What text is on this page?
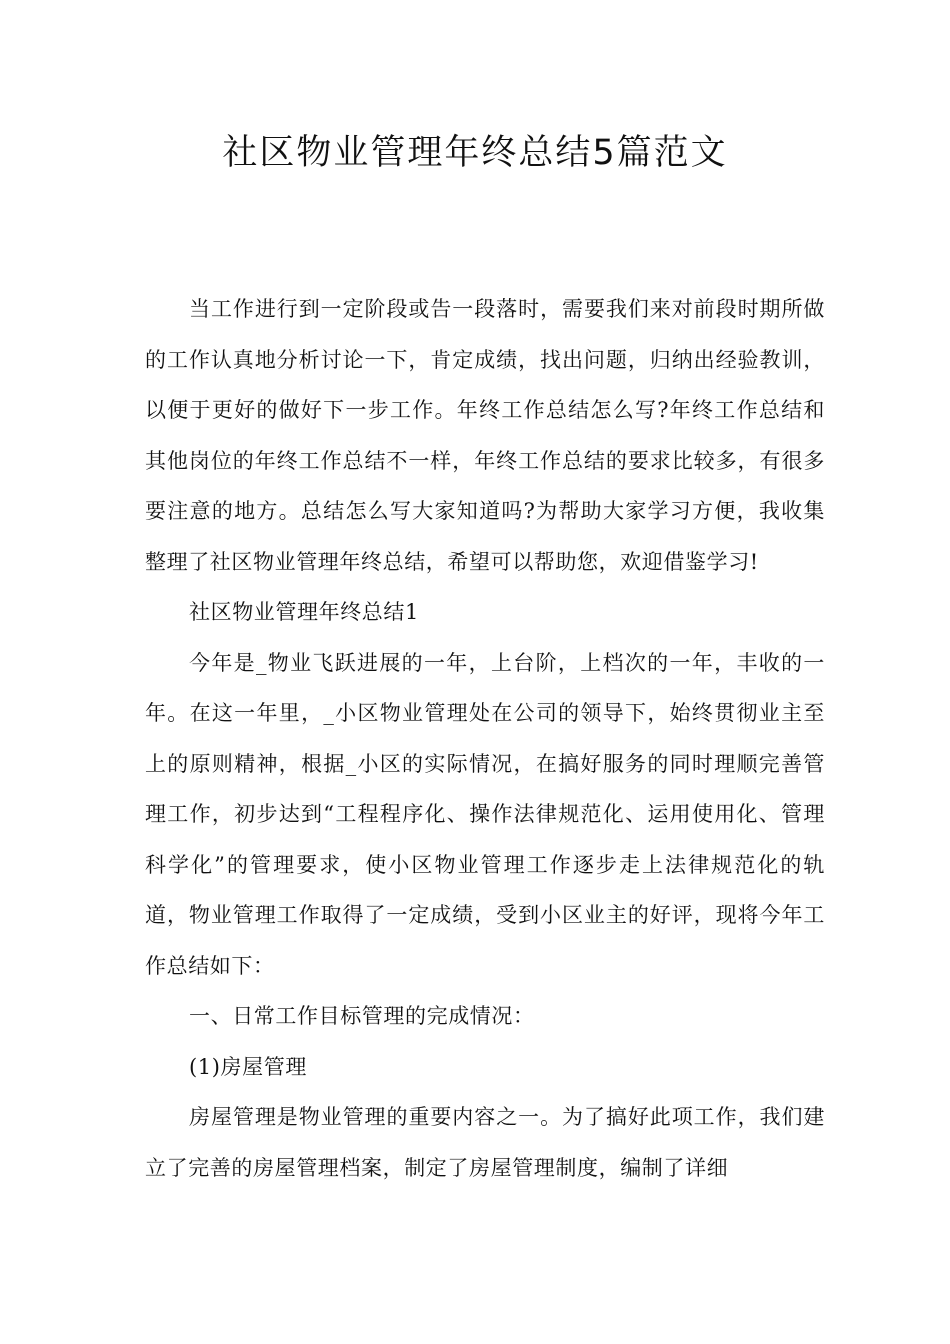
社区物业管理年终总结5篇范文

当工作进行到一定阶段或告一段落时，需要我们来对前段时期所做的工作认真地分析讨论一下，肯定成绩，找出问题，归纳出经验教训，以便于更好的做好下一步工作。年终工作总结怎么写?年终工作总结和其他岗位的年终工作总结不一样，年终工作总结的要求比较多，有很多要注意的地方。总结怎么写大家知道吗?为帮助大家学习方便，我收集整理了社区物业管理年终总结，希望可以帮助您，欢迎借鉴学习!

社区物业管理年终总结1

今年是_物业飞跃进展的一年，上台阶，上档次的一年，丰收的一年。在这一年里，_小区物业管理处在公司的领导下，始终贯彻业主至上的原则精神，根据_小区的实际情况，在搞好服务的同时理顺完善管理工作，初步达到“工程程序化、操作法律规范化、运用使用化、管理科学化”的管理要求，使小区物业管理工作逐步走上法律规范化的轨道，物业管理工作取得了一定成绩，受到小区业主的好评，现将今年工作总结如下：

一、日常工作目标管理的完成情况：

(1)房屋管理

房屋管理是物业管理的重要内容之一。为了搞好此项工作，我们建立了完善的房屋管理档案，制定了房屋管理制度，编制了详细
